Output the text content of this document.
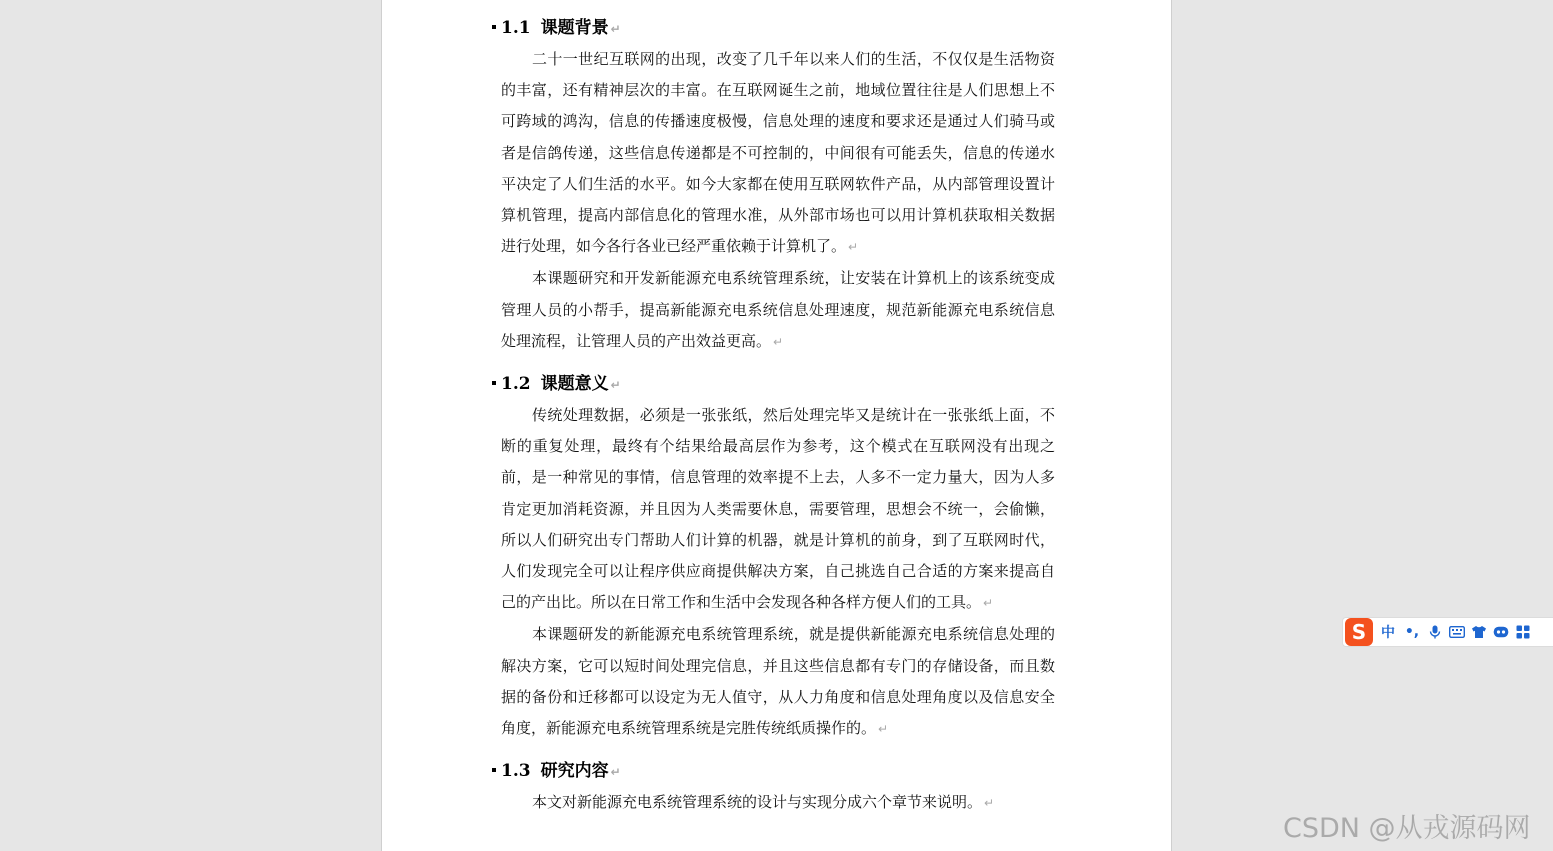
1.1 课题背景 ↵

二十一世纪互联网的出现，改变了几千年以来人们的生活，不仅仅是生活物资的丰富，还有精神层次的丰富。在互联网诞生之前，地域位置往往是人们思想上不可跨域的鸿沟，信息的传播速度极慢，信息处理的速度和要求还是通过人们骑马或者是信鸽传递，这些信息传递都是不可控制的，中间很有可能丢失，信息的传递水平决定了人们生活的水平。如今大家都在使用互联网软件产品，从内部管理设置计算机管理，提高内部信息化的管理水准，从外部市场也可以用计算机获取相关数据进行处理，如今各行各业已经严重依赖于计算机了。 ↵

本课题研究和开发新能源充电系统管理系统，让安装在计算机上的该系统变成管理人员的小帮手，提高新能源充电系统信息处理速度，规范新能源充电系统信息处理流程，让管理人员的产出效益更高。 ↵

1.2 课题意义 ↵

传统处理数据，必须是一张张纸，然后处理完毕又是统计在一张张纸上面，不断的重复处理，最终有个结果给最高层作为参考，这个模式在互联网没有出现之前，是一种常见的事情，信息管理的效率提不上去，人多不一定力量大，因为人多肯定更加消耗资源，并且因为人类需要休息，需要管理，思想会不统一，会偷懒，所以人们研究出专门帮助人们计算的机器，就是计算机的前身，到了互联网时代，人们发现完全可以让程序供应商提供解决方案，自己挑选自己合适的方案来提高自己的产出比。所以在日常工作和生活中会发现各种各样方便人们的工具。 ↵

本课题研发的新能源充电系统管理系统，就是提供新能源充电系统信息处理的解决方案，它可以短时间处理完信息，并且这些信息都有专门的存储设备，而且数据的备份和迁移都可以设定为无人值守，从人力角度和信息处理角度以及信息安全角度，新能源充电系统管理系统是完胜传统纸质操作的。 ↵

1.3 研究内容 ↵

本文对新能源充电系统管理系统的设计与实现分成六个章节来说明。 ↵

S	中 •,
CSDN @从戎源码网
